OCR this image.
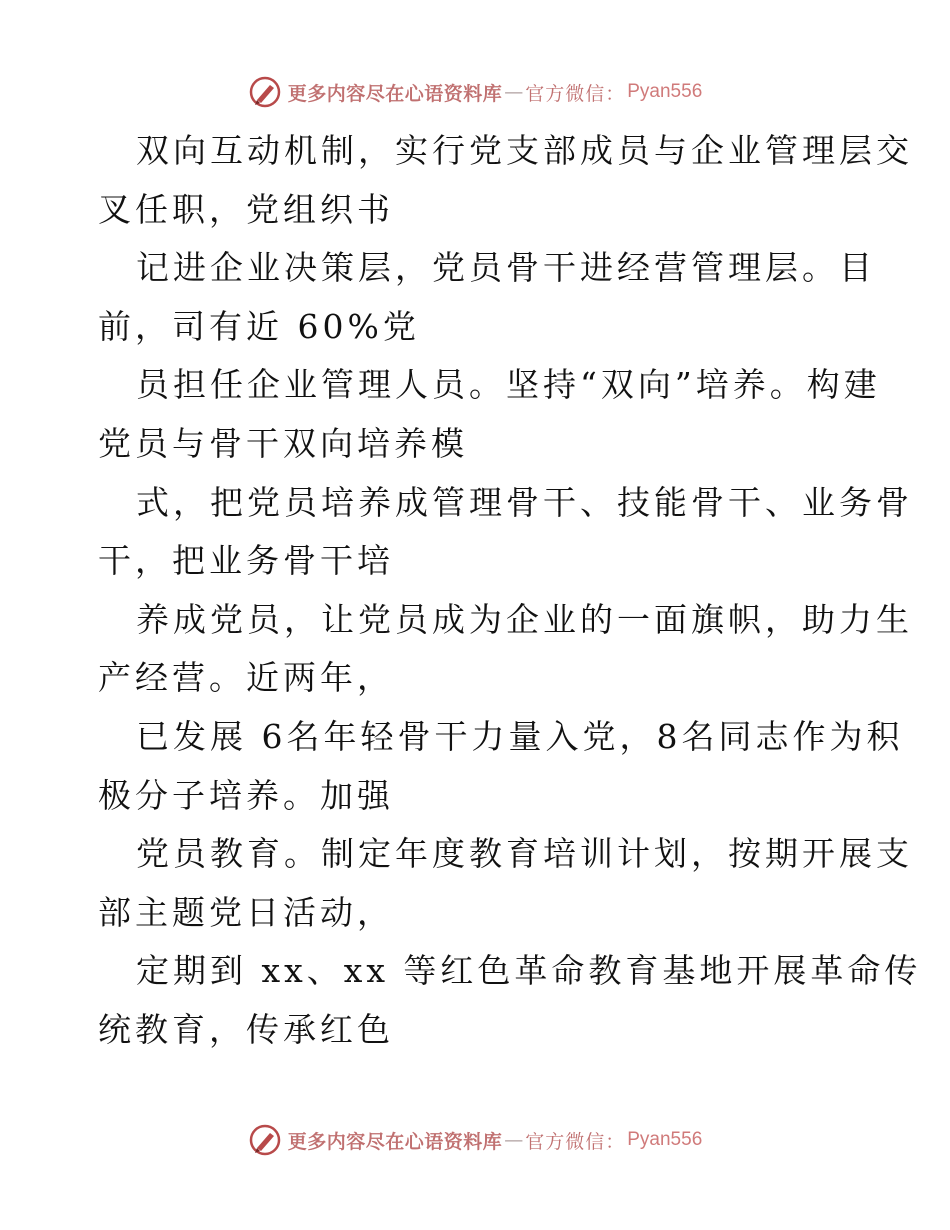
更多内容尽在心语资料库 — 官方微信： Pyan556
双向互动机制，实行党支部成员与企业管理层交
叉任职，党组织书
记进企业决策层，党员骨干进经营管理层。目
前，司有近 60%党
员担任企业管理人员。坚持“双向”培养。构建
党员与骨干双向培养模
式，把党员培养成管理骨干、技能骨干、业务骨
干，把业务骨干培
养成党员，让党员成为企业的一面旗帜，助力生
产经营。近两年，
已发展 6名年轻骨干力量入党，8名同志作为积
极分子培养。加强
党员教育。制定年度教育培训计划，按期开展支
部主题党日活动，
定期到 xx、xx 等红色革命教育基地开展革命传
统教育，传承红色
更多内容尽在心语资料库 — 官方微信： Pyan556
